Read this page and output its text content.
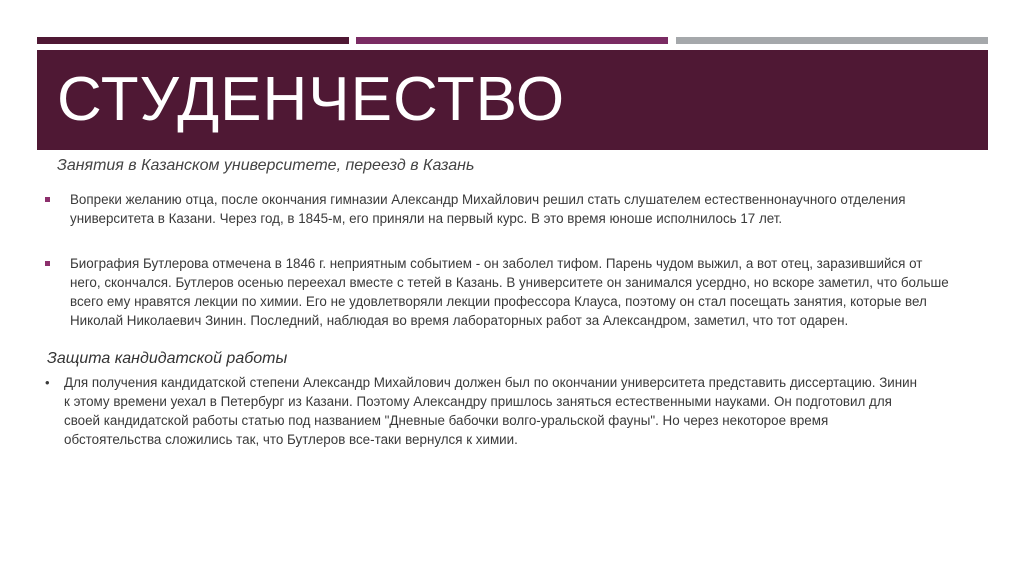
СТУДЕНЧЕСТВО
Занятия в Казанском университете, переезд в Казань
Вопреки желанию отца, после окончания гимназии Александр Михайлович решил стать слушателем естественнонаучного отделения университета в Казани. Через год, в 1845-м, его приняли на первый курс. В это время юноше исполнилось 17 лет.
Биография Бутлерова отмечена в 1846 г. неприятным событием - он заболел тифом. Парень чудом выжил, а вот отец, заразившийся от него, скончался. Бутлеров осенью переехал вместе с тетей в Казань. В университете он занимался усердно, но вскоре заметил, что больше всего ему нравятся лекции по химии. Его не удовлетворяли лекции профессора Клауса, поэтому он стал посещать занятия, которые вел Николай Николаевич Зинин. Последний, наблюдая во время лабораторных работ за Александром, заметил, что тот одарен.
Защита кандидатской работы
• Для получения кандидатской степени Александр Михайлович должен был по окончании университета представить диссертацию. Зинин к этому времени уехал в Петербург из Казани. Поэтому Александру пришлось заняться естественными науками. Он подготовил для своей кандидатской работы статью под названием "Дневные бабочки волго-уральской фауны". Но через некоторое время обстоятельства сложились так, что Бутлеров все-таки вернулся к химии.
